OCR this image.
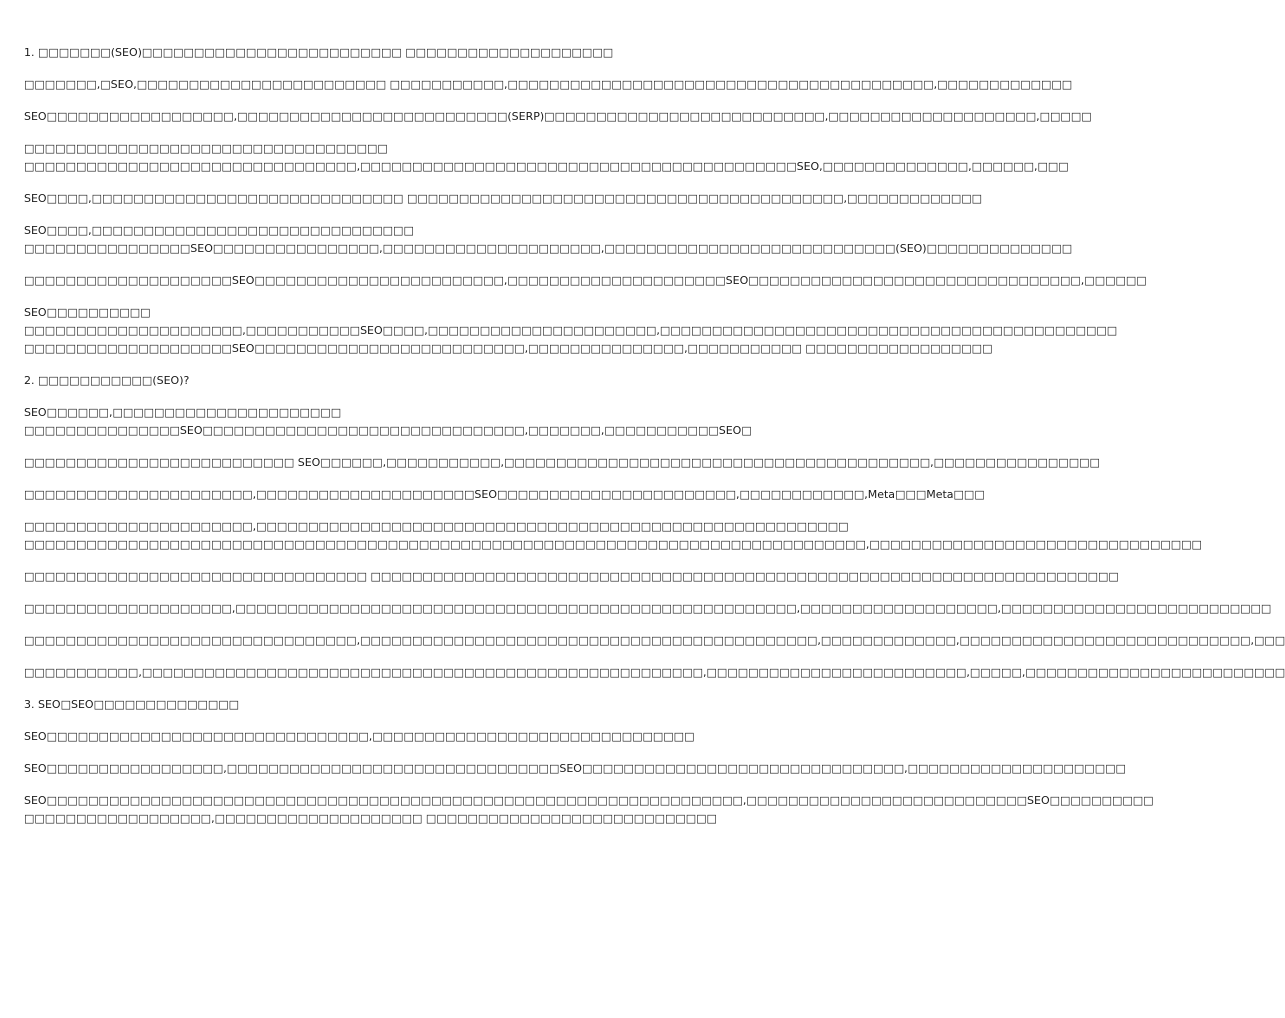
1. □□□□□□□(SEO)□□□□□□□□□□□□□□□□□□□□□□□□□ □□□□□□□□□□□□□□□□□□□□
□□□□□□□,□SEO,□□□□□□□□□□□□□□□□□□□□□□□□ □□□□□□□□□□□,□□□□□□□□□□□□□□□□□□□□□□□□□□□□□□□□□□□□□□□□□,□□□□□□□□□□□□□
SEO□□□□□□□□□□□□□□□□□□,□□□□□□□□□□□□□□□□□□□□□□□□□□(SERP)□□□□□□□□□□□□□□□□□□□□□□□□□□□,□□□□□□□□□□□□□□□□□□□□,□□□□□
□□□□□□□□□□□□□□□□□□□□□□□□□□□□□□□□□□□
□□□□□□□□□□□□□□□□□□□□□□□□□□□□□□□□,□□□□□□□□□□□□□□□□□□□□□□□□□□□□□□□□□□□□□□□□□□SEO,□□□□□□□□□□□□□□,□□□□□□,□□□
SEO□□□□,□□□□□□□□□□□□□□□□□□□□□□□□□□□□□□ □□□□□□□□□□□□□□□□□□□□□□□□□□□□□□□□□□□□□□□□□□,□□□□□□□□□□□□□
SEO□□□□,□□□□□□□□□□□□□□□□□□□□□□□□□□□□□□□
□□□□□□□□□□□□□□□□SEO□□□□□□□□□□□□□□□□,□□□□□□□□□□□□□□□□□□□□□,□□□□□□□□□□□□□□□□□□□□□□□□□□□□(SEO)□□□□□□□□□□□□□□
□□□□□□□□□□□□□□□□□□□□SEO□□□□□□□□□□□□□□□□□□□□□□□□,□□□□□□□□□□□□□□□□□□□□□SEO□□□□□□□□□□□□□□□□□□□□□□□□□□□□□□□□,□□□□□□
SEO□□□□□□□□□□
□□□□□□□□□□□□□□□□□□□□□,□□□□□□□□□□□SEO□□□□,□□□□□□□□□□□□□□□□□□□□□□,□□□□□□□□□□□□□□□□□□□□□□□□□□□□□□□□□□□□□□□□□□□□
□□□□□□□□□□□□□□□□□□□□SEO□□□□□□□□□□□□□□□□□□□□□□□□□□,□□□□□□□□□□□□□□□,□□□□□□□□□□□ □□□□□□□□□□□□□□□□□□
2. □□□□□□□□□□□(SEO)?
SEO□□□□□□,□□□□□□□□□□□□□□□□□□□□□□
□□□□□□□□□□□□□□□SEO□□□□□□□□□□□□□□□□□□□□□□□□□□□□□□□,□□□□□□□,□□□□□□□□□□□SEO□
□□□□□□□□□□□□□□□□□□□□□□□□□□ SEO□□□□□□,□□□□□□□□□□□,□□□□□□□□□□□□□□□□□□□□□□□□□□□□□□□□□□□□□□□□□,□□□□□□□□□□□□□□□□
□□□□□□□□□□□□□□□□□□□□□□,□□□□□□□□□□□□□□□□□□□□□SEO□□□□□□□□□□□□□□□□□□□□□□□,□□□□□□□□□□□□,Meta□□□Meta□□□
□□□□□□□□□□□□□□□□□□□□□□,□□□□□□□□□□□□□□□□□□□□□□□□□□□□□□□□□□□□□□□□□□□□□□□□□□□□□□□□□
□□□□□□□□□□□□□□□□□□□□□□□□□□□□□□□□□□□□□□□□□□□□□□□□□□□□□□□□□□□□□□□□□□□□□□□□□□□□□□□□□,□□□□□□□□□□□□□□□□□□□□□□□□□□□□□□□□
□□□□□□□□□□□□□□□□□□□□□□□□□□□□□□□□□ □□□□□□□□□□□□□□□□□□□□□□□□□□□□□□□□□□□□□□□□□□□□□□□□□□□□□□□□□□□□□□□□□□□□□□□□
□□□□□□□□□□□□□□□□□□□□,□□□□□□□□□□□□□□□□□□□□□□□□□□□□□□□□□□□□□□□□□□□□□□□□□□□□□□,□□□□□□□□□□□□□□□□□□□,□□□□□□□□□□□□□□□□□□□□□□□□□□
□□□□□□□□□□□□□□□□□□□□□□□□□□□□□□□□,□□□□□□□□□□□□□□□□□□□□□□□□□□□□□□□□□□□□□□□□□□□□,□□□□□□□□□□□□□,□□□□□□□□□□□□□□□□□□□□□□□□□□□□,□□□
□□□□□□□□□□□,□□□□□□□□□□□□□□□□□□□□□□□□□□□□□□□□□□□□□□□□□□□□□□□□□□□□□□,□□□□□□□□□□□□□□□□□□□□□□□□□,□□□□□,□□□□□□□□□□□□□□□□□□□□□□□□□
3. SEO□SEO□□□□□□□□□□□□□□
SEO□□□□□□□□□□□□□□□□□□□□□□□□□□□□□□□,□□□□□□□□□□□□□□□□□□□□□□□□□□□□□□□
SEO□□□□□□□□□□□□□□□□□,□□□□□□□□□□□□□□□□□□□□□□□□□□□□□□□□SEO□□□□□□□□□□□□□□□□□□□□□□□□□□□□□□□,□□□□□□□□□□□□□□□□□□□□□
SEO□□□□□□□□□□□□□□□□□□□□□□□□□□□□□□□□□□□□□□□□□□□□□□□□□□□□□□□□□□□□□□□□□□□,□□□□□□□□□□□□□□□□□□□□□□□□□□□SEO□□□□□□□□□□
□□□□□□□□□□□□□□□□□□,□□□□□□□□□□□□□□□□□□□□ □□□□□□□□□□□□□□□□□□□□□□□□□□□□
